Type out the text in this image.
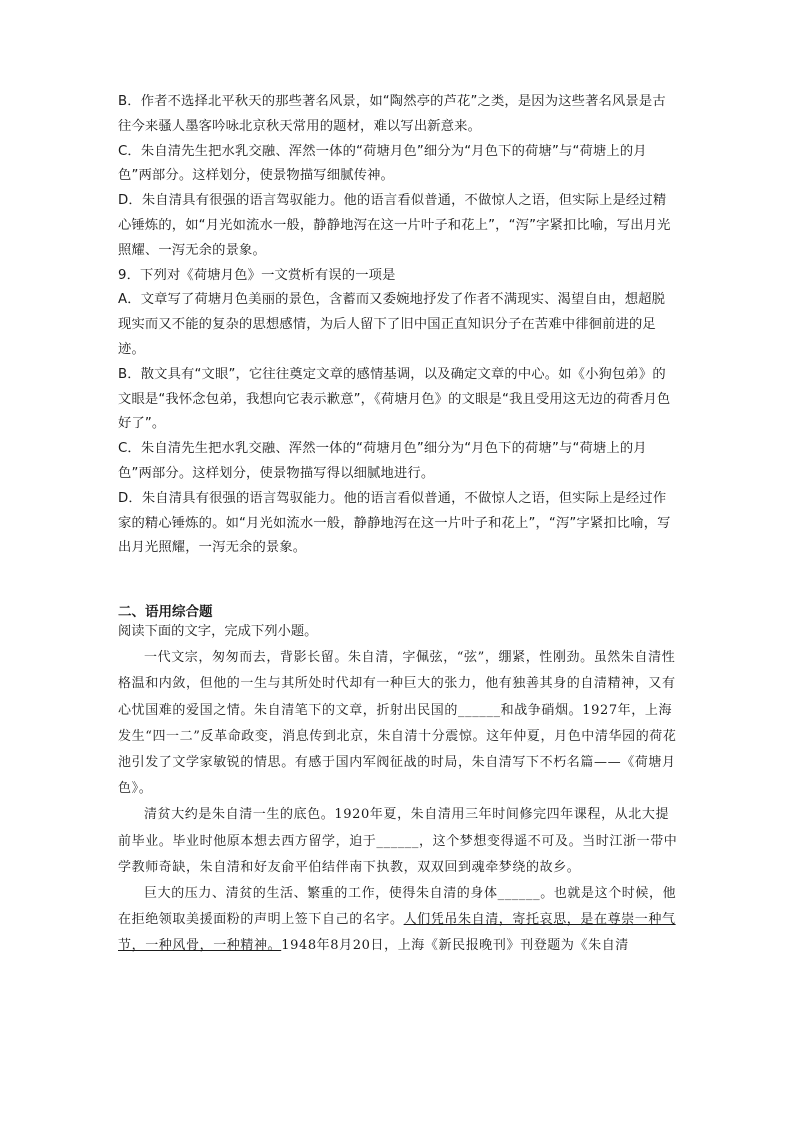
B．作者不选择北平秋天的那些著名风景，如“陶然亭的芦花”之类，是因为这些著名风景是古往今来骚人墨客吟咏北京秋天常用的题材，难以写出新意来。

C．朱自清先生把水乳交融、浑然一体的“荷塘月色”细分为“月色下的荷塘”与“荷塘上的月色”两部分。这样划分，使景物描写细腻传神。

D．朱自清具有很强的语言驾驭能力。他的语言看似普通，不做惊人之语，但实际上是经过精心锤炼的，如“月光如流水一般，静静地泻在这一片叶子和花上”，“泻”字紧扣比喻，写出月光照耀、一泻无余的景象。

9．下列对《荷塘月色》一文赏析有误的一项是

A．文章写了荷塘月色美丽的景色，含蓄而又委婉地抒发了作者不满现实、渴望自由，想超脱现实而又不能的复杂的思想感情，为后人留下了旧中国正直知识分子在苦难中徘徊前进的足迹。

B．散文具有“文眼”，它往往奠定文章的感情基调，以及确定文章的中心。如《小狗包弟》的文眼是“我怀念包弟，我想向它表示歉意”，《荷塘月色》的文眼是“我且受用这无边的荷香月色好了”。

C．朱自清先生把水乳交融、浑然一体的“荷塘月色”细分为“月色下的荷塘”与“荷塘上的月色”两部分。这样划分，使景物描写得以细腻地进行。

D．朱自清具有很强的语言驾驭能力。他的语言看似普通，不做惊人之语，但实际上是经过作家的精心锤炼的。如“月光如流水一般，静静地泻在这一片叶子和花上”，“泻”字紧扣比喻，写出月光照耀，一泻无余的景象。

二、语用综合题

阅读下面的文字，完成下列小题。

一代文宗，匆匆而去，背影长留。朱自清，字佩弦，“弦”，绷紧，性刚劲。虽然朱自清性格温和内敛，但他的一生与其所处时代却有一种巨大的张力，他有独善其身的自清精神，又有心忧国难的爱国之情。朱自清笔下的文章，折射出民国的______和战争硝烟。1927年，上海发生“四一二”反革命政变，消息传到北京，朱自清十分震惊。这年仲夏，月色中清华园的荷花池引发了文学家敏锐的情思。有感于国内军阀征战的时局，朱自清写下不朽名篇——《荷塘月色》。

清贫大约是朱自清一生的底色。1920年夏，朱自清用三年时间修完四年课程，从北大提前毕业。毕业时他原本想去西方留学，迫于______，这个梦想变得遥不可及。当时江浙一带中学教师奇缺，朱自清和好友俞平伯结伴南下执教，双双回到魂牵梦绕的故乡。

巨大的压力、清贫的生活、繁重的工作，使得朱自清的身体______。也就是这个时候，他在拒绝领取美援面粉的声明上签下自己的名字。人们凭吊朱自清，寄托哀思，是在尊崇一种气节，一种风骨，一种精神。1948年8月20日，上海《新民报晚刊》刊登题为《朱自清
